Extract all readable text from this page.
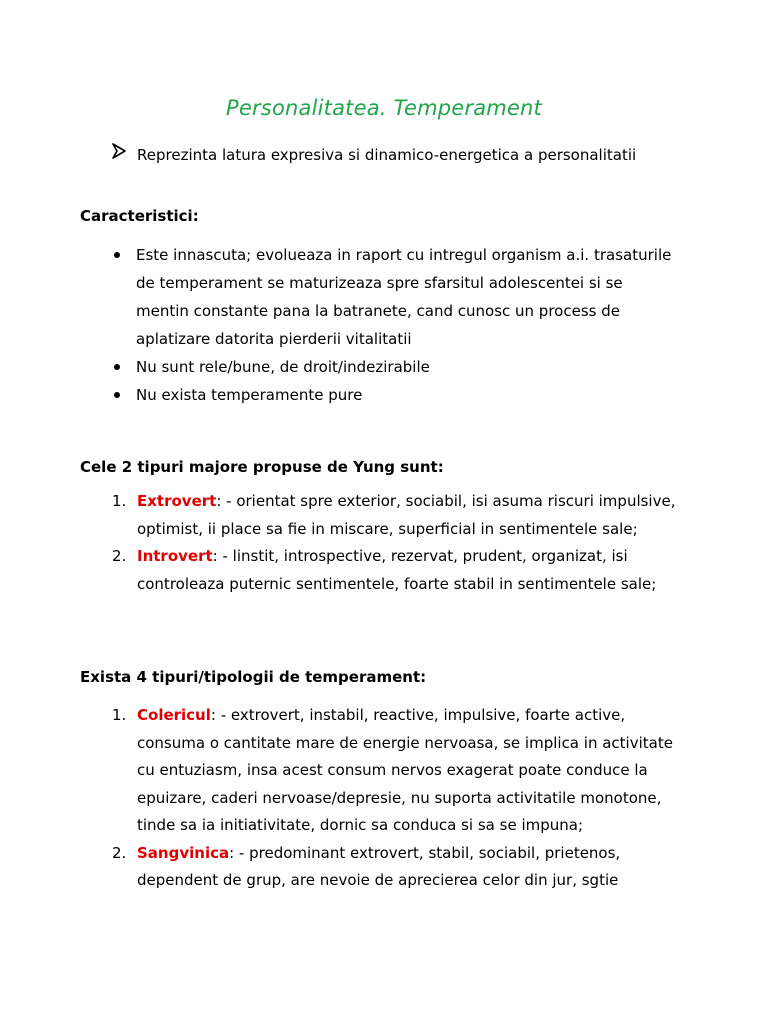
Personalitatea. Temperament
Reprezinta latura expresiva si dinamico-energetica a personalitatii
Caracteristici:
Este innascuta; evolueaza in raport cu intregul organism a.i. trasaturile de temperament se maturizeaza spre sfarsitul adolescentei si se mentin constante pana la batranete, cand cunosc un process de aplatizare datorita pierderii vitalitatii
Nu sunt rele/bune, de droit/indezirabile
Nu exista temperamente pure
Cele 2 tipuri majore propuse de Yung sunt:
1. Extrovert: - orientat spre exterior, sociabil, isi asuma riscuri impulsive, optimist, ii place sa fie in miscare, superficial in sentimentele sale;
2. Introvert: - linstit, introspective, rezervat, prudent, organizat, isi controleaza puternic sentimentele, foarte stabil in sentimentele sale;
Exista 4 tipuri/tipologii de temperament:
1. Colericul: - extrovert, instabil, reactive, impulsive, foarte active, consuma o cantitate mare de energie nervoasa, se implica in activitate cu entuziasm, insa acest consum nervos exagerat poate conduce la epuizare, caderi nervoase/depresie, nu suporta activitatile monotone, tinde sa ia initiativitate, dornic sa conduca si sa se impuna;
2. Sangvinica: - predominant extrovert, stabil, sociabil, prietenos, dependent de grup, are nevoie de aprecierea celor din jur, sgtie
